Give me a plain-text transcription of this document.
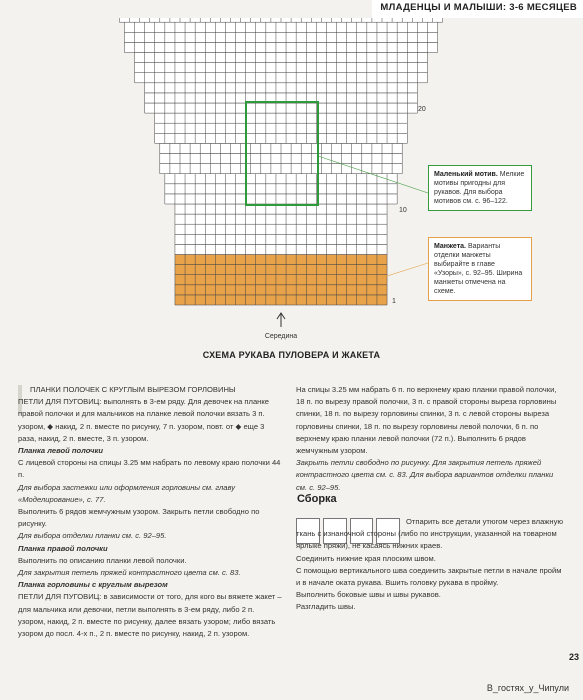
МЛАДЕНЦЫ И МАЛЫШИ: 3-6 МЕСЯЦЕВ
20
10
1
Середина
Маленький мотив. Мелкие мотивы пригодны для рукавов. Для выбора мотивов см. с. 96–122.
Манжета. Варианты отделки манжеты выбирайте в главе «Узоры», с. 92–95. Ширина манжеты отмечена на схеме.
СХЕМА РУКАВА ПУЛОВЕРА И ЖАКЕТА

ПЛАНКИ ПОЛОЧЕК С КРУГЛЫМ ВЫРЕЗОМ ГОРЛОВИНЫ

ПЕТЛИ ДЛЯ ПУГОВИЦ: выполнять в 3-ем ряду. Для девочек на планке правой полочки и для мальчиков на планке левой полочки вязать 3 п. узором, ◆ накид, 2 п. вместе по рисунку, 7 п. узором, повт. от ◆ еще 3 раза, накид, 2 п. вместе, 3 п. узором.

Планка левой полочки

С лицевой стороны на спицы 3.25 мм набрать по левому краю полочки 44 п.

Для выбора застежки или оформления горловины см. главу «Моделирование», с. 77.

Выполнить 6 рядов жемчужным узором. Закрыть петли свободно по рисунку.

Для выбора отделки планки см. с. 92–95.

Планка правой полочки

Выполнить по описанию планки левой полочки.

Для закрытия петель пряжей контрастного цвета см. с. 83.

Планка горловины с круглым вырезом

ПЕТЛИ ДЛЯ ПУГОВИЦ: в зависимости от того, для кого вы вяжете жакет – для мальчика или девочки, петли выполнять в 3-ем ряду, либо 2 п. узором, накид, 2 п. вместе по рисунку, далее вязать узором; либо вязать узором до посл. 4-х п., 2 п. вместе по рисунку, накид, 2 п. узором.

На спицы 3.25 мм набрать 6 п. по верхнему краю планки правой полочки, 18 п. по вырезу правой полочки, 3 п. с правой стороны выреза горловины спинки, 18 п. по вырезу горловины спинки, 3 п. с левой стороны выреза горловины спинки, 18 п. по вырезу горловины левой полочки, 6 п. по верхнему краю планки левой полочки (72 п.). Выполнить 6 рядов жемчужным узором.

Закрыть петли свободно по рисунку. Для закрытия петель пряжей контрастного цвета см. с. 83. Для выбора вариантов отделки планки см. с. 92–95.

Сборка

Отпарить все детали утюгом через влажную ткань с изнаночной стороны (либо по инструкции, указанной на товарном ярлыке пряжи), не касаясь нижних краев.

Соединить нижние края плоским швом.

С помощью вертикального шва соединить закрытые петли в начале пройм и в начале оката рукава. Вшить головку рукава в пройму.

Выполнить боковые швы и швы рукавов.

Разгладить швы.

23
В_гостях_у_Чипули
